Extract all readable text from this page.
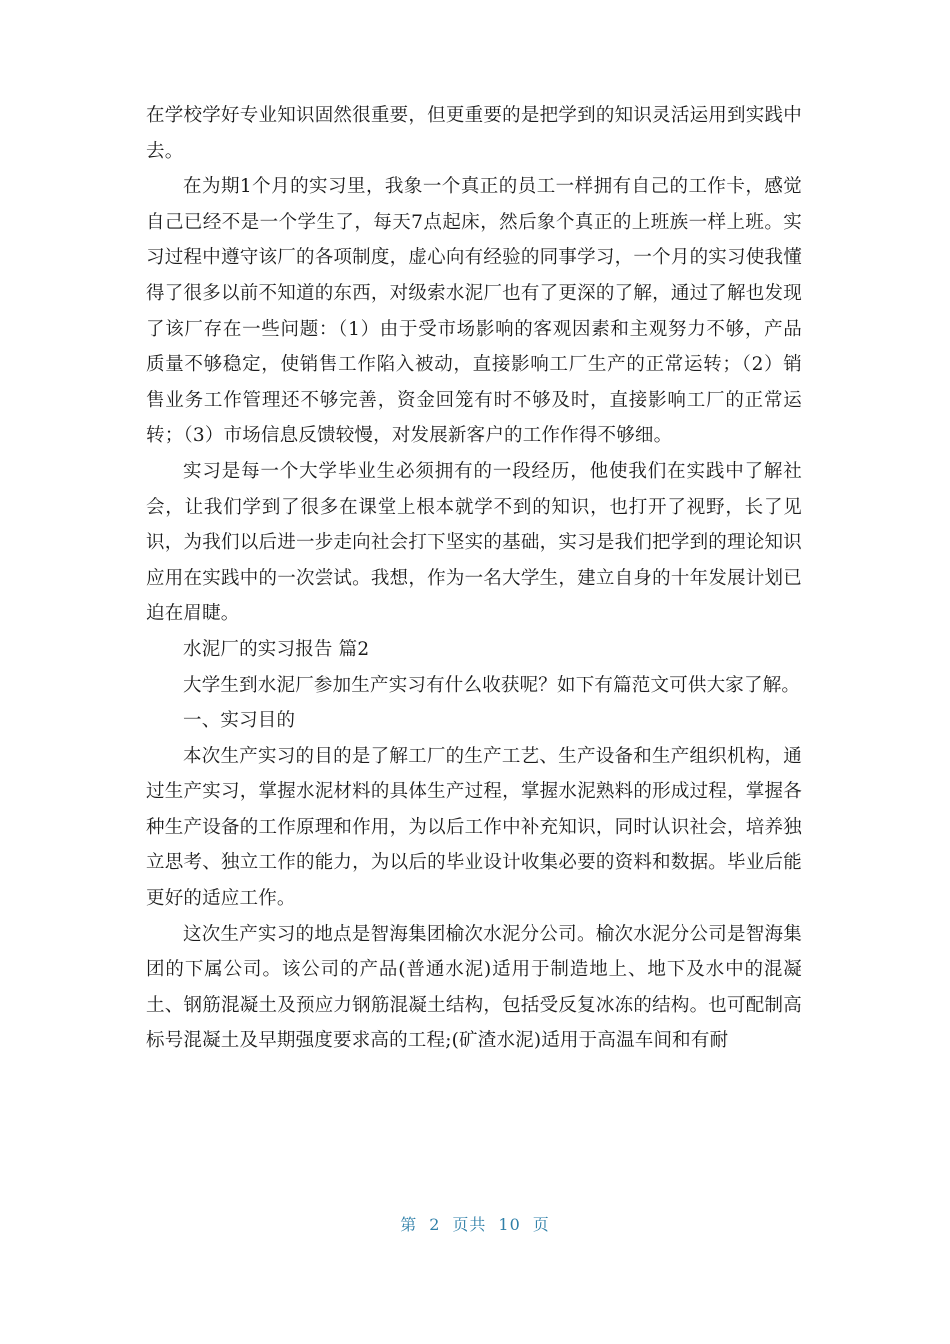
在学校学好专业知识固然很重要，但更重要的是把学到的知识灵活运用到实践中去。

在为期1个月的实习里，我象一个真正的员工一样拥有自己的工作卡，感觉自己已经不是一个学生了，每天7点起床，然后象个真正的上班族一样上班。实习过程中遵守该厂的各项制度，虚心向有经验的同事学习，一个月的实习使我懂得了很多以前不知道的东西，对级索水泥厂也有了更深的了解，通过了解也发现了该厂存在一些问题：（1）由于受市场影响的客观因素和主观努力不够，产品质量不够稳定，使销售工作陷入被动，直接影响工厂生产的正常运转；（2）销售业务工作管理还不够完善，资金回笼有时不够及时，直接影响工厂的正常运转；（3）市场信息反馈较慢，对发展新客户的工作作得不够细。

实习是每一个大学毕业生必须拥有的一段经历，他使我们在实践中了解社会，让我们学到了很多在课堂上根本就学不到的知识，也打开了视野，长了见识，为我们以后进一步走向社会打下坚实的基础，实习是我们把学到的理论知识应用在实践中的一次尝试。我想，作为一名大学生，建立自身的十年发展计划已迫在眉睫。

水泥厂的实习报告 篇2

大学生到水泥厂参加生产实习有什么收获呢？如下有篇范文可供大家了解。

一、实习目的

本次生产实习的目的是了解工厂的生产工艺、生产设备和生产组织机构，通过生产实习，掌握水泥材料的具体生产过程，掌握水泥熟料的形成过程，掌握各种生产设备的工作原理和作用，为以后工作中补充知识，同时认识社会，培养独立思考、独立工作的能力，为以后的毕业设计收集必要的资料和数据。毕业后能更好的适应工作。

这次生产实习的地点是智海集团榆次水泥分公司。榆次水泥分公司是智海集团的下属公司。该公司的产品(普通水泥)适用于制造地上、地下及水中的混凝土、钢筋混凝土及预应力钢筋混凝土结构，包括受反复冰冻的结构。也可配制高标号混凝土及早期强度要求高的工程;(矿渣水泥)适用于高温车间和有耐

第 2 页共 10 页
